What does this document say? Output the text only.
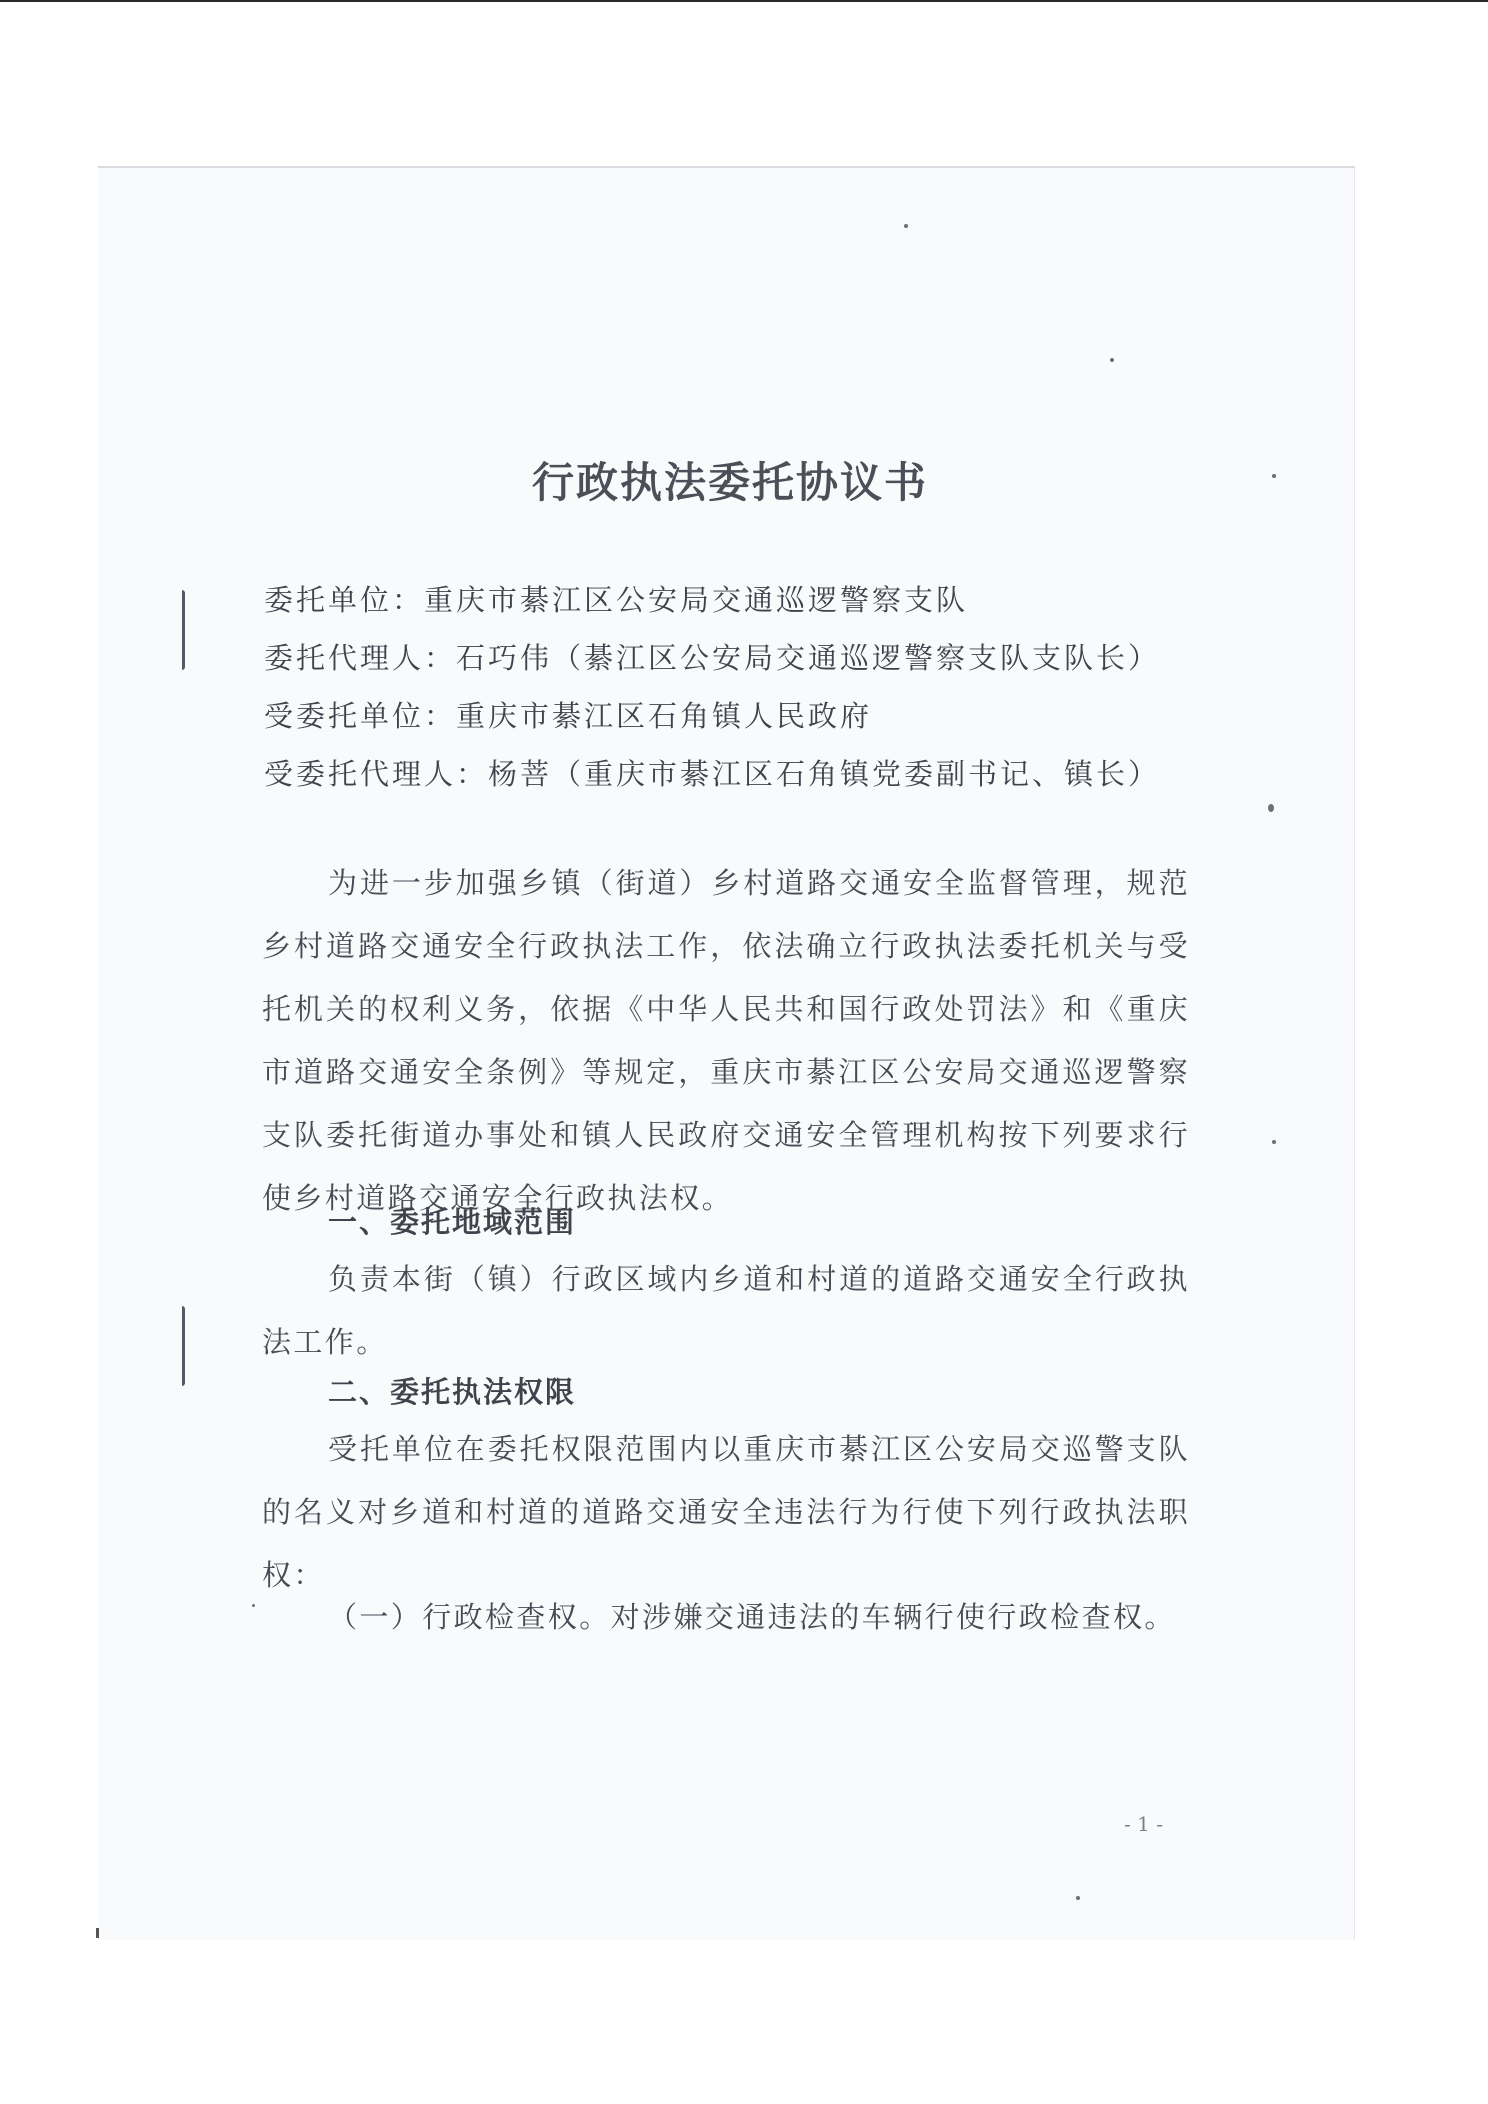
行政执法委托协议书
委托单位：重庆市綦江区公安局交通巡逻警察支队
委托代理人：石巧伟（綦江区公安局交通巡逻警察支队支队长）
受委托单位：重庆市綦江区石角镇人民政府
受委托代理人：杨菩（重庆市綦江区石角镇党委副书记、镇长）

为进一步加强乡镇（街道）乡村道路交通安全监督管理，规范乡村道路交通安全行政执法工作，依法确立行政执法委托机关与受托机关的权利义务，依据《中华人民共和国行政处罚法》和《重庆市道路交通安全条例》等规定，重庆市綦江区公安局交通巡逻警察支队委托街道办事处和镇人民政府交通安全管理机构按下列要求行使乡村道路交通安全行政执法权。

一、委托地域范围

负责本街（镇）行政区域内乡道和村道的道路交通安全行政执法工作。

二、委托执法权限

受托单位在委托权限范围内以重庆市綦江区公安局交巡警支队的名义对乡道和村道的道路交通安全违法行为行使下列行政执法职权：

（一）行政检查权。对涉嫌交通违法的车辆行使行政检查权。

- 1 -
